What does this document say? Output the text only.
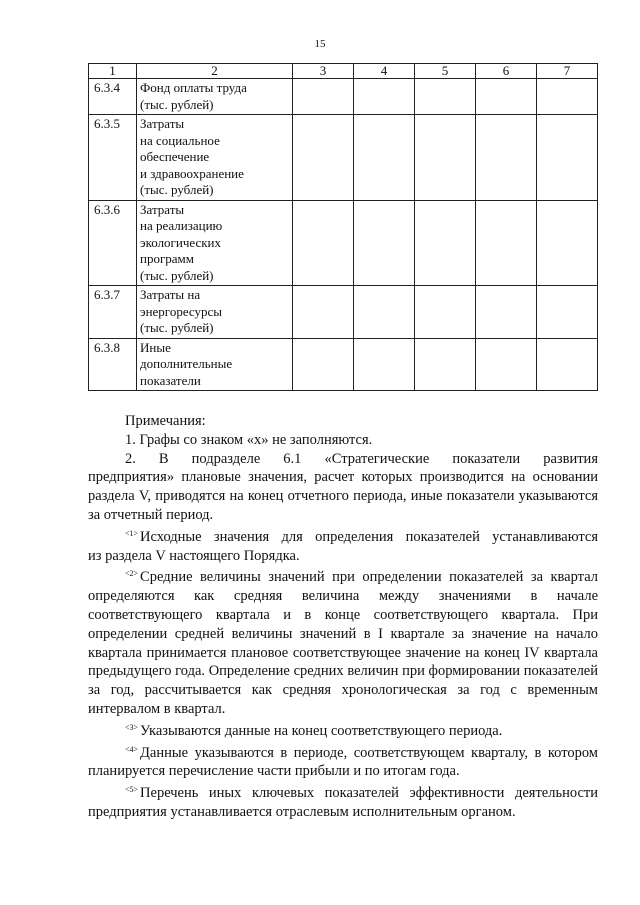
15
1	2	3	4	5	6	7
6.3.4	Фонд оплаты труда
(тыс. рублей)					

6.3.5	Затраты
на социальное
обеспечение
и здравоохранение
(тыс. рублей)					

6.3.6	Затраты
на реализацию
экологических
программ
(тыс. рублей)					

6.3.7	Затраты на
энергоресурсы
(тыс. рублей)					

6.3.8	Иные
дополнительные
показатели					

Примечания:

1. Графы со знаком «х» не заполняются.

2. В подразделе 6.1 «Стратегические показатели развития

предприятия» плановые значения, расчет которых производится на основании раздела V, приводятся на конец отчетного периода, иные показатели указываются за отчетный период.

$^{<1>}$ Исходные значения для определения показателей устанавливаются

из раздела V настоящего Порядка.

$^{<2>}$ Средние величины значений при определении показателей за квартал определяются как средняя величина между значениями в начале соответствующего квартала и в конце соответствующего квартала. При определении средней величины значений в I квартале за значение на начало квартала принимается плановое соответствующее значение на конец IV квартала предыдущего года. Определение средних величин при формировании показателей за год, рассчитывается как средняя хронологическая за год с временным интервалом в квартал.

$^{<3>}$ Указываются данные на конец соответствующего периода.

$^{<4>}$ Данные указываются в периоде, соответствующем кварталу, в котором планируется перечисление части прибыли и по итогам года.

$^{<5>}$ Перечень иных ключевых показателей эффективности деятельности

предприятия устанавливается отраслевым исполнительным органом.
